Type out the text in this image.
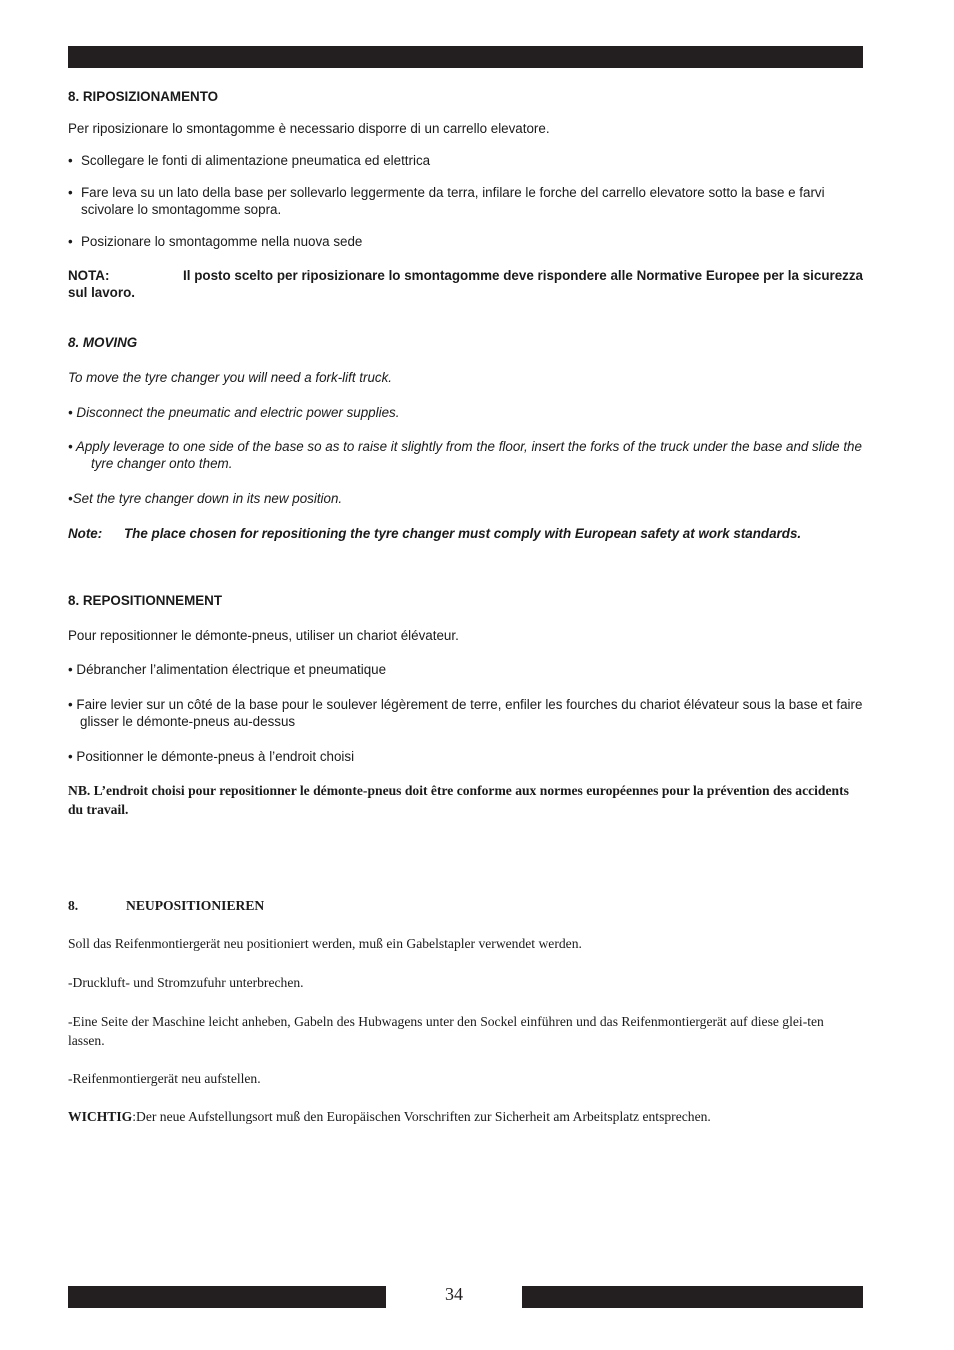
8. RIPOSIZIONAMENTO

Per riposizionare lo smontagomme è necessario disporre di un carrello elevatore.

• Scollegare le fonti di alimentazione pneumatica ed elettrica
• Fare leva su un lato della base per sollevarlo leggermente da terra, infilare le forche del carrello elevatore sotto la base e farvi scivolare lo smontagomme sopra.
• Posizionare lo smontagomme nella nuova sede

NOTA:	Il posto scelto per riposizionare lo smontagomme deve rispondere alle Normative Europee per la sicurezza sul lavoro.

8. MOVING

To move the tyre changer you will need a fork-lift truck.

• Disconnect the pneumatic and electric power supplies.

• Apply leverage to one side of the base so as to raise it slightly from the floor, insert the forks of the truck under the base and slide the tyre changer onto them.

•Set the tyre changer down in its new position.

Note: The place chosen for repositioning the tyre changer must comply with European safety at work standards.

8. REPOSITIONNEMENT

Pour repositionner le démonte-pneus, utiliser un chariot élévateur.

• Débrancher l’alimentation électrique et pneumatique

• Faire levier sur un côté de la base pour le soulever légèrement de terre, enfiler les fourches du chariot élévateur sous la base et faire glisser le démonte-pneus au-dessus

• Positionner le démonte-pneus à l’endroit choisi

NB. L’endroit choisi pour repositionner le démonte-pneus doit être conforme aux normes européennes pour la prévention des accidents du travail.

8.	NEUPOSITIONIEREN

Soll das Reifenmontiergerät neu positioniert werden, muß ein Gabelstapler verwendet werden.

-Druckluft- und Stromzufuhr unterbrechen.

-Eine Seite der Maschine leicht anheben, Gabeln des Hubwagens unter den Sockel einführen und das Reifenmontiergerät auf diese glei-ten lassen.

-Reifenmontiergerät neu aufstellen.

WICHTIG:Der neue Aufstellungsort muß den Europäischen Vorschriften zur Sicherheit am Arbeitsplatz entsprechen.

34
